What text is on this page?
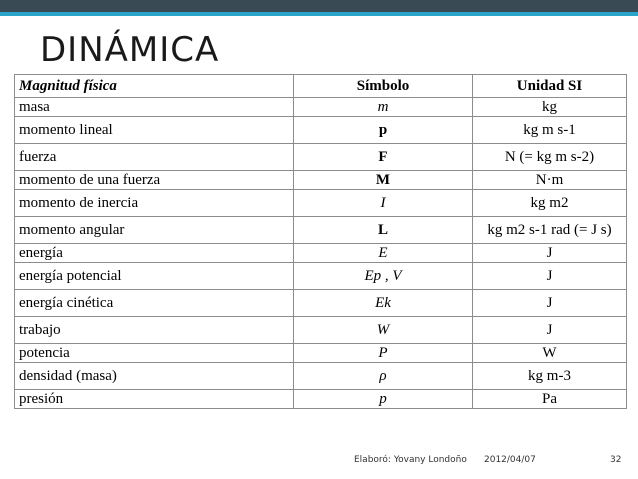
DINÁMICA
Magnitud física	Símbolo	Unidad SI
masa	m	kg
momento lineal	p	kg m s-1
fuerza	F	N (= kg m s-2)
momento de una fuerza	M	N·m
momento de inercia	I	kg m2
momento angular	L	kg m2 s-1 rad (= J s)
energía	E	J
energía potencial	Ep , V	J
energía cinética	Ek	J
trabajo	W	J
potencia	P	W
densidad (masa)	ρ	kg m-3
presión	p	Pa
Elaboró: Yovany Londoño 2012/04/07	32
